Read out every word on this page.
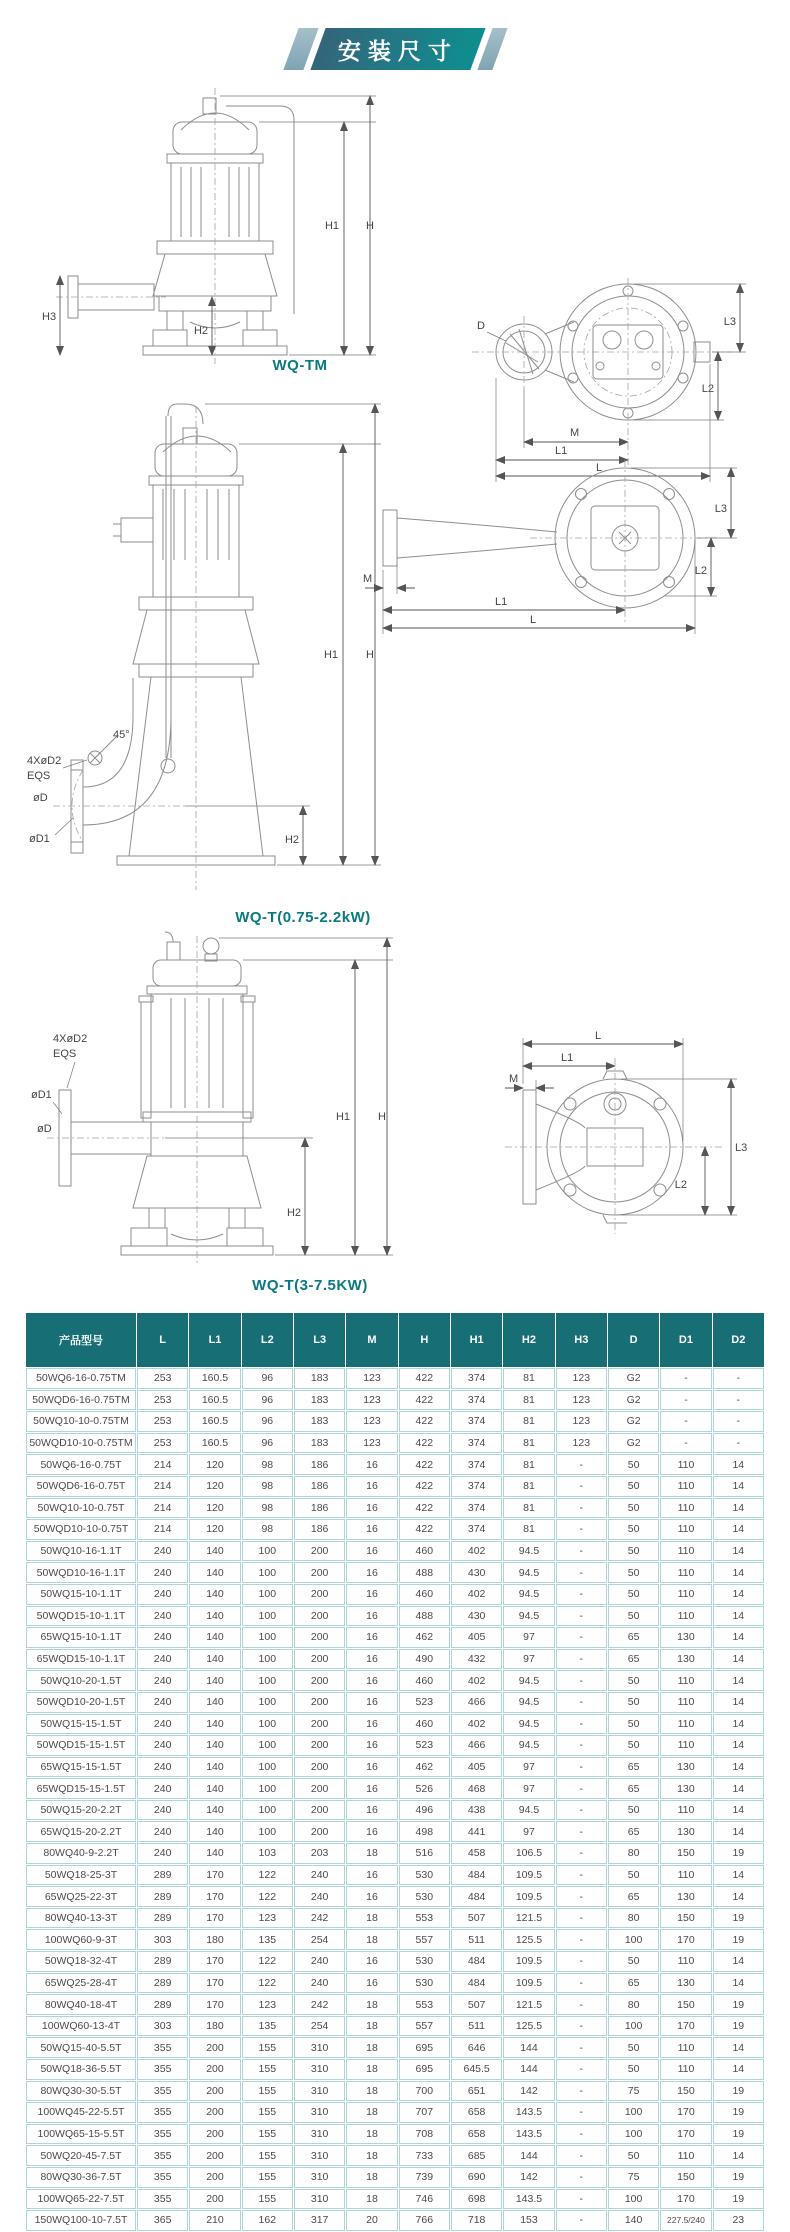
安装尺寸
H1 H
H3
H2	D	L3
L2
M
L1
L
WQ-TM
4XøD2
EQS
45°
øD
øD1
H1	H
H2
L3
L2
M
L1
L
WQ-T(0.75-2.2kW)
4XøD2
EQS
øD1
øD
H1	H
H2
L
L1
M
L3
L2
WQ-T(3-7.5KW)
产品型号	L	L1	L2	L3	M	H	H1	H2	H3	D	D1	D2
50WQ6-16-0.75TM	253	160.5	96	183	123	422	374	81	123	G2	-	-
50WQD6-16-0.75TM	253	160.5	96	183	123	422	374	81	123	G2	-	-
50WQ10-10-0.75TM	253	160.5	96	183	123	422	374	81	123	G2	-	-
50WQD10-10-0.75TM	253	160.5	96	183	123	422	374	81	123	G2	-	-
50WQ6-16-0.75T	214	120	98	186	16	422	374	81	-	50	110	14
50WQD6-16-0.75T	214	120	98	186	16	422	374	81	-	50	110	14
50WQ10-10-0.75T	214	120	98	186	16	422	374	81	-	50	110	14
50WQD10-10-0.75T	214	120	98	186	16	422	374	81	-	50	110	14
50WQ10-16-1.1T	240	140	100	200	16	460	402	94.5	-	50	110	14
50WQD10-16-1.1T	240	140	100	200	16	488	430	94.5	-	50	110	14
50WQ15-10-1.1T	240	140	100	200	16	460	402	94.5	-	50	110	14
50WQD15-10-1.1T	240	140	100	200	16	488	430	94.5	-	50	110	14
65WQ15-10-1.1T	240	140	100	200	16	462	405	97	-	65	130	14
65WQD15-10-1.1T	240	140	100	200	16	490	432	97	-	65	130	14
50WQ10-20-1.5T	240	140	100	200	16	460	402	94.5	-	50	110	14
50WQD10-20-1.5T	240	140	100	200	16	523	466	94.5	-	50	110	14
50WQ15-15-1.5T	240	140	100	200	16	460	402	94.5	-	50	110	14
50WQD15-15-1.5T	240	140	100	200	16	523	466	94.5	-	50	110	14
65WQ15-15-1.5T	240	140	100	200	16	462	405	97	-	65	130	14
65WQD15-15-1.5T	240	140	100	200	16	526	468	97	-	65	130	14
50WQ15-20-2.2T	240	140	100	200	16	496	438	94.5	-	50	110	14
65WQ15-20-2.2T	240	140	100	200	16	498	441	97	-	65	130	14
80WQ40-9-2.2T	240	140	103	203	18	516	458	106.5	-	80	150	19
50WQ18-25-3T	289	170	122	240	16	530	484	109.5	-	50	110	14
65WQ25-22-3T	289	170	122	240	16	530	484	109.5	-	65	130	14
80WQ40-13-3T	289	170	123	242	18	553	507	121.5	-	80	150	19
100WQ60-9-3T	303	180	135	254	18	557	511	125.5	-	100	170	19
50WQ18-32-4T	289	170	122	240	16	530	484	109.5	-	50	110	14
65WQ25-28-4T	289	170	122	240	16	530	484	109.5	-	65	130	14
80WQ40-18-4T	289	170	123	242	18	553	507	121.5	-	80	150	19
100WQ60-13-4T	303	180	135	254	18	557	511	125.5	-	100	170	19
50WQ15-40-5.5T	355	200	155	310	18	695	646	144	-	50	110	14
50WQ18-36-5.5T	355	200	155	310	18	695	645.5	144	-	50	110	14
80WQ30-30-5.5T	355	200	155	310	18	700	651	142	-	75	150	19
100WQ45-22-5.5T	355	200	155	310	18	707	658	143.5	-	100	170	19
100WQ65-15-5.5T	355	200	155	310	18	708	658	143.5	-	100	170	19
50WQ20-45-7.5T	355	200	155	310	18	733	685	144	-	50	110	14
80WQ30-36-7.5T	355	200	155	310	18	739	690	142	-	75	150	19
100WQ65-22-7.5T	355	200	155	310	18	746	698	143.5	-	100	170	19
150WQ100-10-7.5T	365	210	162	317	20	766	718	153	-	140	227.5/240	23
